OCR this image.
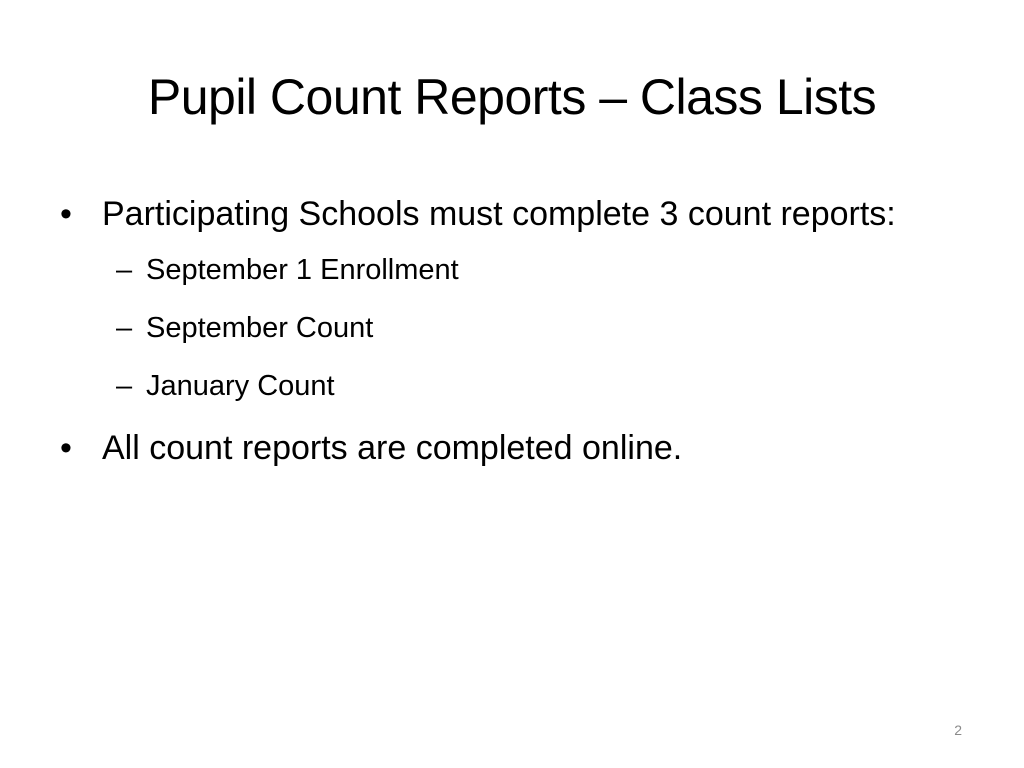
Pupil Count Reports – Class Lists
• Participating Schools must complete 3 count reports:
– September 1 Enrollment
– September Count
– January Count
• All count reports are completed online.
2
